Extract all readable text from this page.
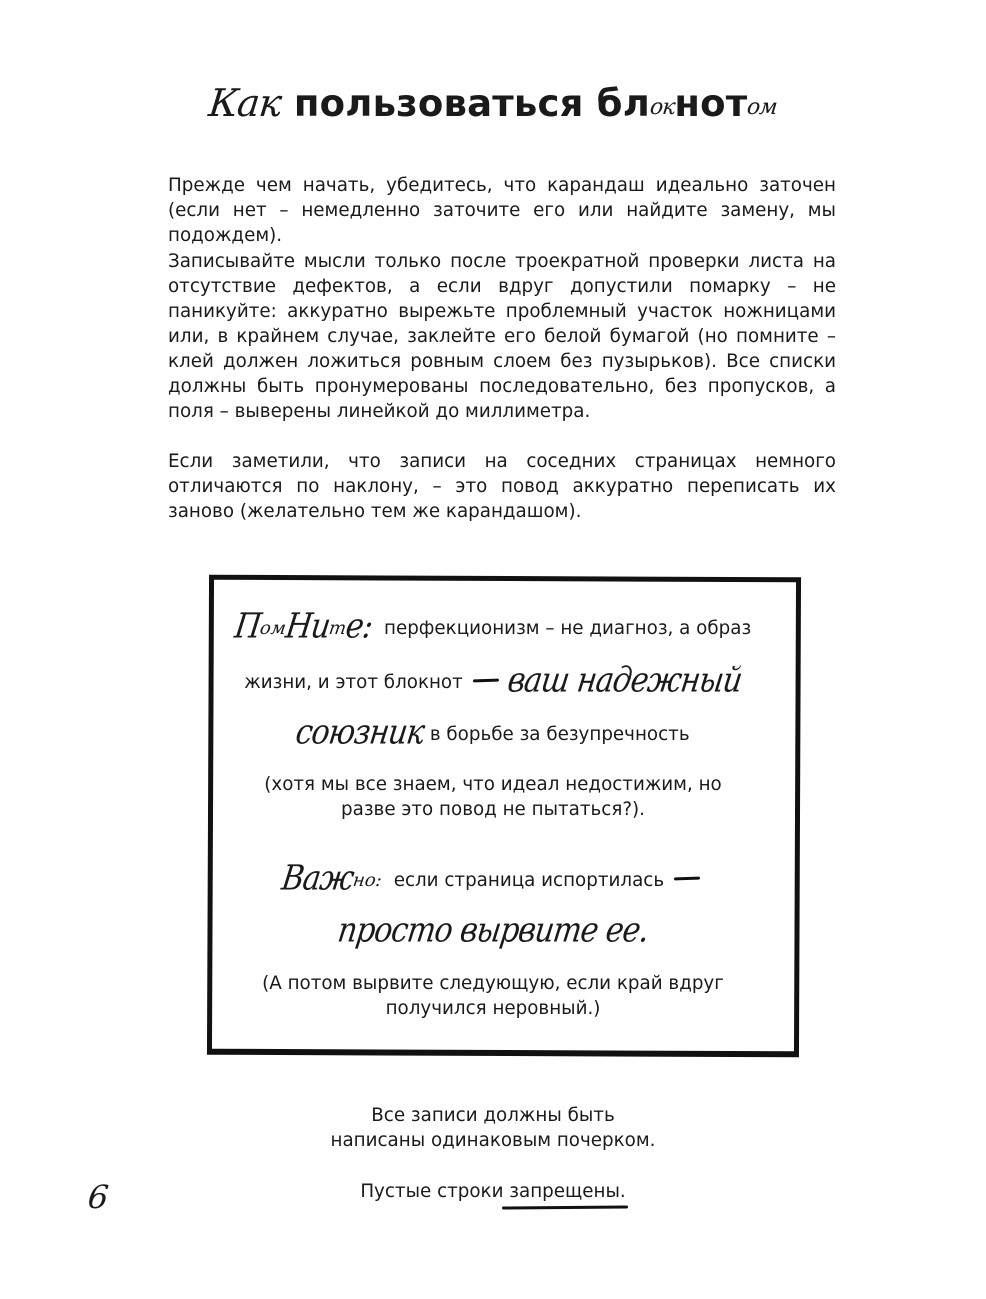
Как пользоваться блокнотом
Прежде чем начать, убедитесь, что карандаш идеально заточен (если нет – немедленно заточите его или найдите замену, мы подождем).
Записывайте мысли только после троекратной проверки листа на отсутствие дефектов, а если вдруг допустили помарку – не паникуйте: аккуратно вырежьте проблемный участок ножницами или, в крайнем случае, заклейте его белой бумагой (но помните – клей должен ложиться ровным слоем без пузырьков). Все списки должны быть пронумерованы последовательно, без пропусков, а поля – выверены линейкой до миллиметра.
Если заметили, что записи на соседних страницах немного отличаются по наклону, – это повод аккуратно переписать их заново (желательно тем же карандашом).
ПомНите: перфекционизм – не диагноз, а образ
жизни, и этот блокнот ваш надежный
союзник в борьбе за безупречность
(хотя мы все знаем, что идеал недостижим, но
разве это повод не пытаться?).
Важно: если страница испортилась
просто вырвите ее.
(А потом вырвите следующую, если край вдруг
получился неровный.)
Все записи должны быть
написаны одинаковым почерком.
Пустые строки запрещены.
6
